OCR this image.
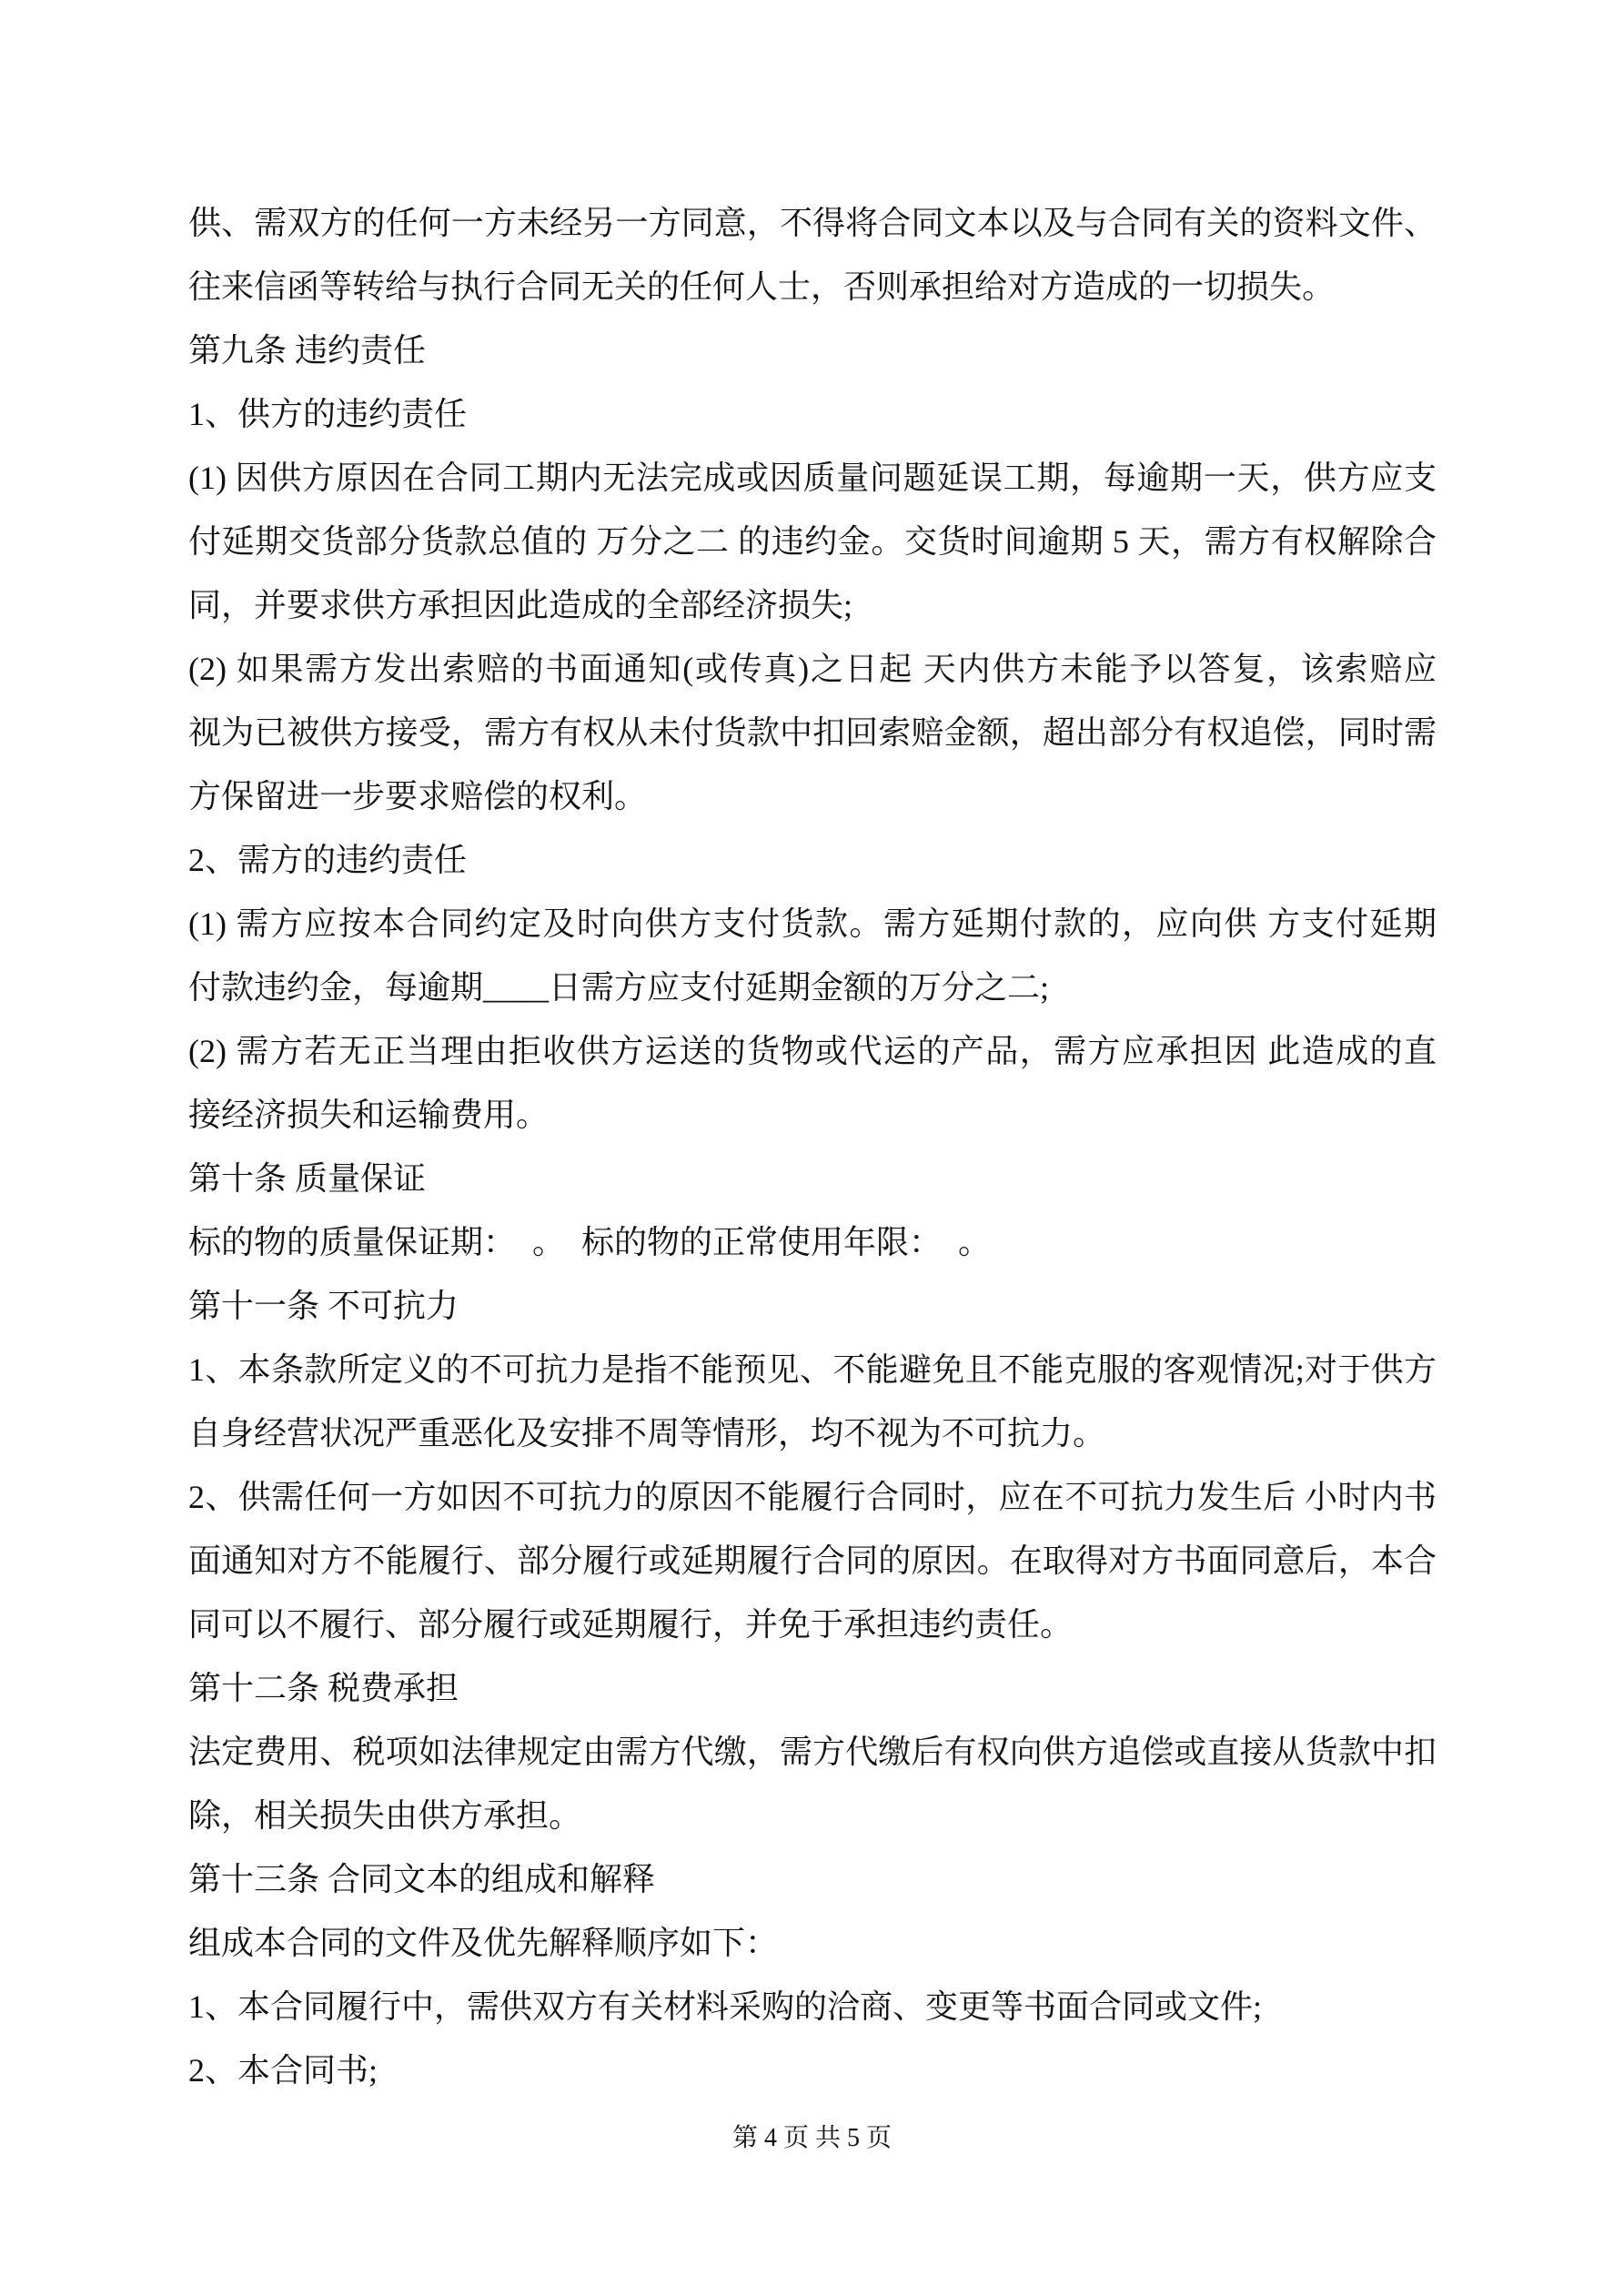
供、需双方的任何一方未经另一方同意，不得将合同文本以及与合同有关的资料文件、
往来信函等转给与执行合同无关的任何人士，否则承担给对方造成的一切损失。
第九条 违约责任
1、供方的违约责任
(1) 因供方原因在合同工期内无法完成或因质量问题延误工期，每逾期一天，供方应支
付延期交货部分货款总值的 万分之二 的违约金。交货时间逾期 5 天，需方有权解除合
同，并要求供方承担因此造成的全部经济损失;
(2) 如果需方发出索赔的书面通知(或传真)之日起 天内供方未能予以答复，该索赔应
视为已被供方接受，需方有权从未付货款中扣回索赔金额，超出部分有权追偿，同时需
方保留进一步要求赔偿的权利。
2、需方的违约责任
(1) 需方应按本合同约定及时向供方支付货款。需方延期付款的，应向供 方支付延期
付款违约金，每逾期____日需方应支付延期金额的万分之二;
(2) 需方若无正当理由拒收供方运送的货物或代运的产品，需方应承担因 此造成的直
接经济损失和运输费用。
第十条 质量保证
标的物的质量保证期：  。  标的物的正常使用年限：  。
第十一条 不可抗力
1、本条款所定义的不可抗力是指不能预见、不能避免且不能克服的客观情况;对于供方
自身经营状况严重恶化及安排不周等情形，均不视为不可抗力。
2、供需任何一方如因不可抗力的原因不能履行合同时，应在不可抗力发生后 小时内书
面通知对方不能履行、部分履行或延期履行合同的原因。在取得对方书面同意后，本合
同可以不履行、部分履行或延期履行，并免于承担违约责任。
第十二条 税费承担
法定费用、税项如法律规定由需方代缴，需方代缴后有权向供方追偿或直接从货款中扣
除，相关损失由供方承担。
第十三条 合同文本的组成和解释
组成本合同的文件及优先解释顺序如下：
1、本合同履行中，需供双方有关材料采购的洽商、变更等书面合同或文件;
2、本合同书;
第 4 页 共 5 页
